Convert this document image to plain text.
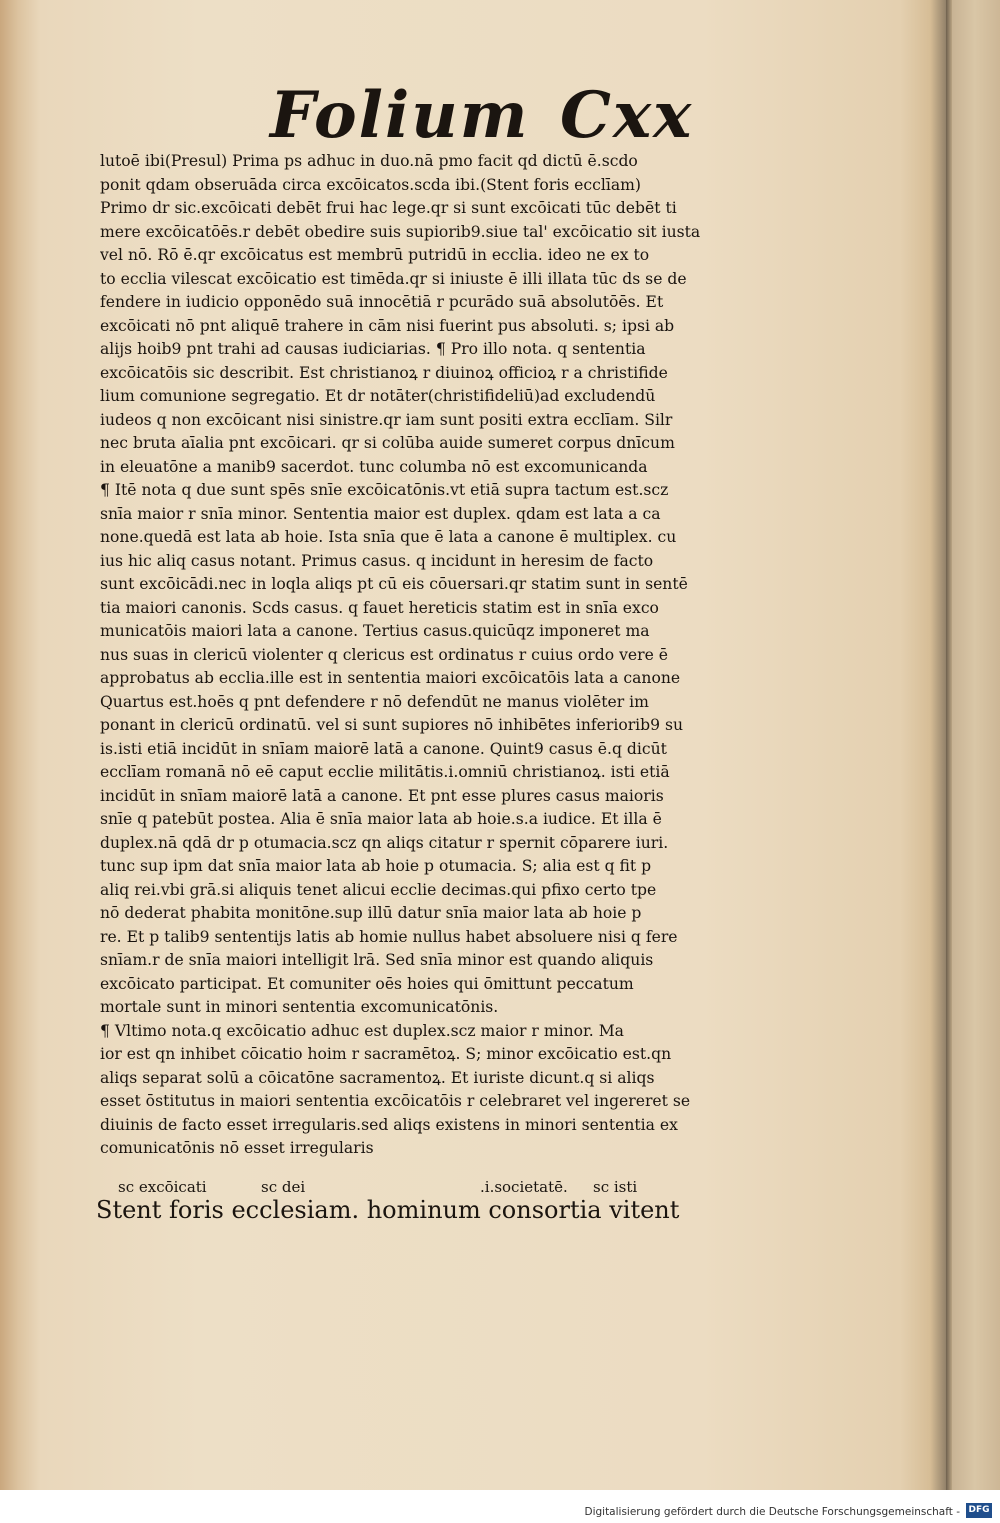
Folium Cxx
lutoē ibi(Presul) Prima ps adhuc in duo.nā pmo facit qd dictū ē.scdo
ponit qdam obseruāda circa excōicatos.scda ibi.(Stent foris ecclīam)
Primo dr sic.excōicati debēt frui hac lege.qr si sunt excōicati tūc debēt ti
mere excōicatōēs.r debēt obedire suis supiorib9.siue tal' excōicatio sit iusta
vel nō. Rō ē.qr excōicatus est membrū putridū in ecclia. ideo ne ex to
to ecclia vilescat excōicatio est timēda.qr si iniuste ē illi illata tūc ds se de
fendere in iudicio opponēdo suā innocētiā r pcurādo suā absolutōēs. Et
excōicati nō pnt aliquē trahere in cām nisi fuerint pus absoluti. s; ipsi ab
alijs hoib9 pnt trahi ad causas iudiciarias. ¶ Pro illo nota. q sententia
excōicatōis sic describit. Est christianoꝝ r diuinoꝝ officioꝝ r a christifide
lium comunione segregatio. Et dr notāter(christifideliū)ad excludendū
iudeos q non excōicant nisi sinistre.qr iam sunt positi extra ecclīam. Silr
nec bruta aīalia pnt excōicari. qr si colūba auide sumeret corpus dnīcum
in eleuatōne a manib9 sacerdot. tunc columba nō est excomunicanda
¶ Itē nota q due sunt spēs snīe excōicatōnis.vt etiā supra tactum est.scz
snīa maior r snīa minor. Sententia maior est duplex. qdam est lata a ca
none.quedā est lata ab hoie. Ista snīa que ē lata a canone ē multiplex. cu
ius hic aliq casus notant. Primus casus. q incidunt in heresim de facto
sunt excōicādi.nec in loqla aliqs pt cū eis cōuersari.qr statim sunt in sentē
tia maiori canonis. Scds casus. q fauet hereticis statim est in snīa exco
municatōis maiori lata a canone. Tertius casus.quicūqz imponeret ma
nus suas in clericū violenter q clericus est ordinatus r cuius ordo vere ē
approbatus ab ecclia.ille est in sententia maiori excōicatōis lata a canone
Quartus est.hoēs q pnt defendere r nō defendūt ne manus violēter im
ponant in clericū ordinatū. vel si sunt supiores nō inhibētes inferiorib9 su
is.isti etiā incidūt in snīam maiorē latā a canone. Quint9 casus ē.q dicūt
ecclīam romanā nō eē caput ecclie militātis.i.omniū christianoꝝ. isti etiā
incidūt in snīam maiorē latā a canone. Et pnt esse plures casus maioris
snīe q patebūt postea. Alia ē snīa maior lata ab hoie.s.a iudice. Et illa ē
duplex.nā qdā dr p otumacia.scz qn aliqs citatur r spernit cōparere iuri.
tunc sup ipm dat snīa maior lata ab hoie p otumacia. S; alia est q fit p
aliq rei.vbi grā.si aliquis tenet alicui ecclie decimas.qui pfixo certo tpe
nō dederat phabita monitōne.sup illū datur snīa maior lata ab hoie p
re. Et p talib9 sententijs latis ab homie nullus habet absoluere nisi q fere
snīam.r de snīa maiori intelligit lrā. Sed snīa minor est quando aliquis
excōicato participat. Et comuniter oēs hoies qui ōmittunt peccatum
mortale sunt in minori sententia excomunicatōnis.
¶ Vltimo nota.q excōicatio adhuc est duplex.scz maior r minor. Ma
ior est qn inhibet cōicatio hoim r sacramētoꝝ. S; minor excōicatio est.qn
aliqs separat solū a cōicatōne sacramentoꝝ. Et iuriste dicunt.q si aliqs
esset ōstitutus in maiori sententia excōicatōis r celebraret vel ingereret se
diuinis de facto esset irregularis.sed aliqs existens in minori sententia ex
comunicatōnis nō esset irregularis
sc excōicati	sc dei	.i.societatē. sc isti
Stent foris ecclesiam. hominum consortia vitent
Digitalisierung gefördert durch die Deutsche Forschungsgemeinschaft - DFG
